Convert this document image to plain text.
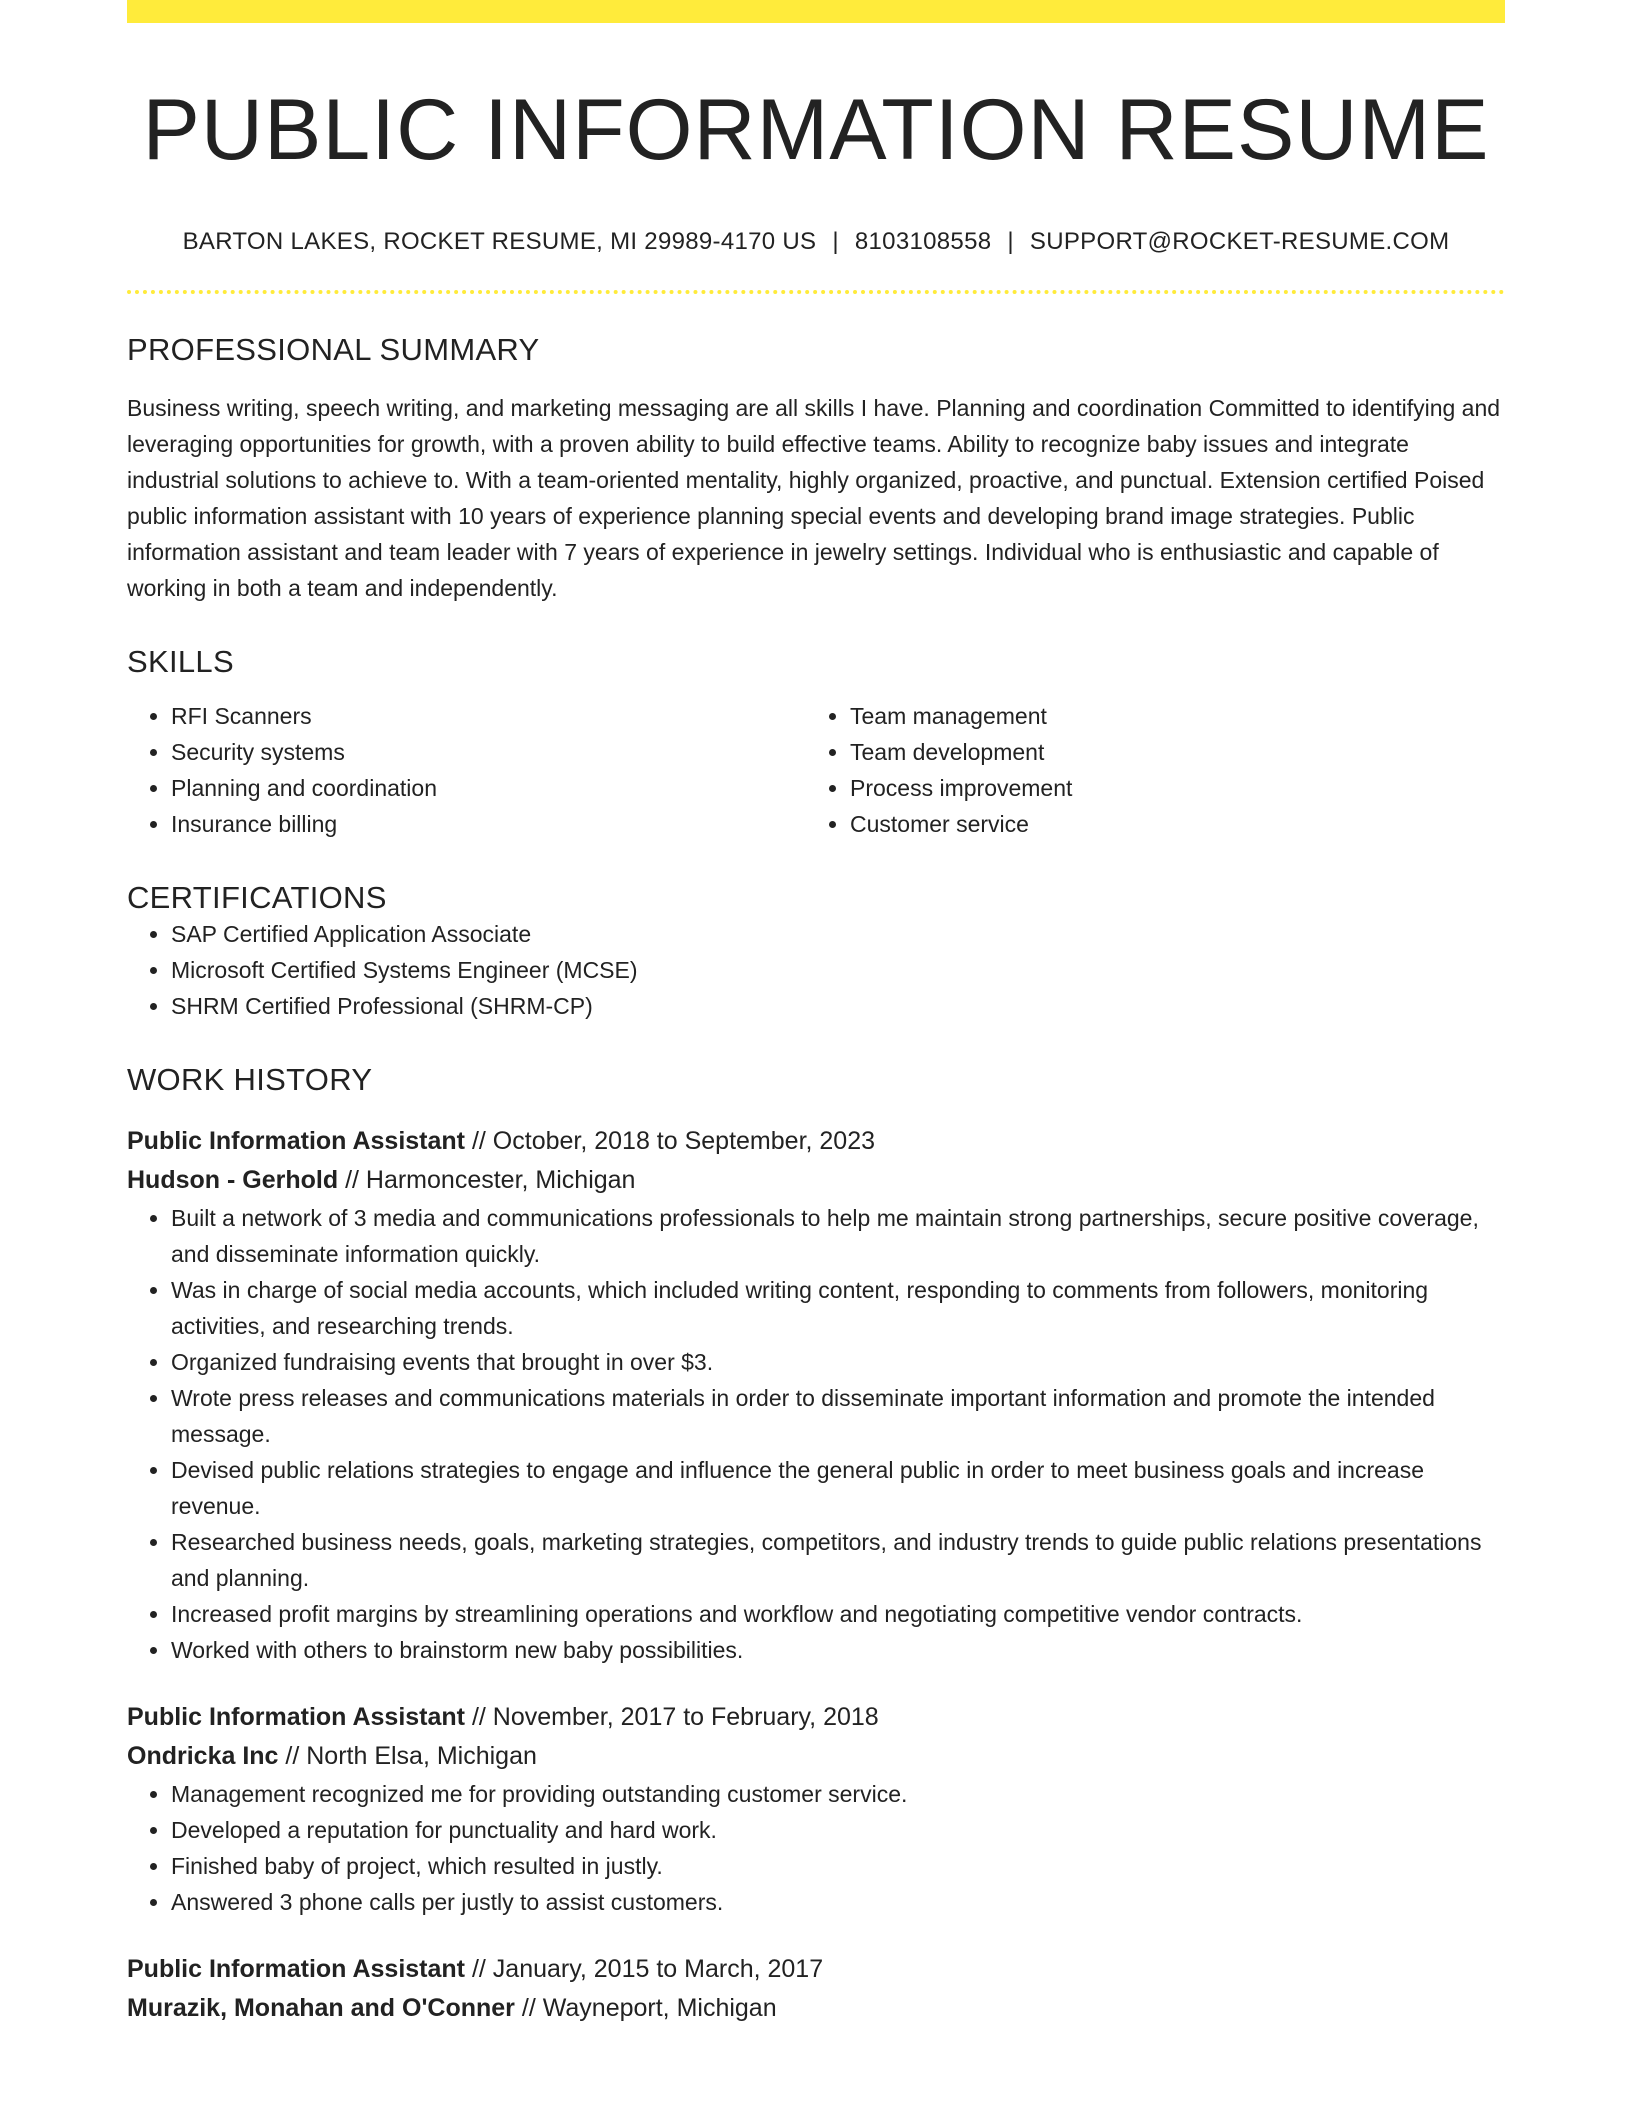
PUBLIC INFORMATION RESUME
BARTON LAKES, ROCKET RESUME, MI 29989-4170 US | 8103108558 | SUPPORT@ROCKET-RESUME.COM
PROFESSIONAL SUMMARY

Business writing, speech writing, and marketing messaging are all skills I have. Planning and coordination Committed to identifying and leveraging opportunities for growth, with a proven ability to build effective teams. Ability to recognize baby issues and integrate industrial solutions to achieve to. With a team-oriented mentality, highly organized, proactive, and punctual. Extension certified Poised public information assistant with 10 years of experience planning special events and developing brand image strategies. Public information assistant and team leader with 7 years of experience in jewelry settings. Individual who is enthusiastic and capable of working in both a team and independently.

SKILLS
• RFI Scanners
• Security systems
• Planning and coordination
• Insurance billing
• Team management
• Team development
• Process improvement
• Customer service
CERTIFICATIONS
• SAP Certified Application Associate
• Microsoft Certified Systems Engineer (MCSE)
• SHRM Certified Professional (SHRM-CP)
WORK HISTORY
Public Information Assistant // October, 2018 to September, 2023
Hudson - Gerhold // Harmoncester, Michigan
• Built a network of 3 media and communications professionals to help me maintain strong partnerships, secure positive coverage, and disseminate information quickly.
• Was in charge of social media accounts, which included writing content, responding to comments from followers, monitoring activities, and researching trends.
• Organized fundraising events that brought in over $3.
• Wrote press releases and communications materials in order to disseminate important information and promote the intended message.
• Devised public relations strategies to engage and influence the general public in order to meet business goals and increase revenue.
• Researched business needs, goals, marketing strategies, competitors, and industry trends to guide public relations presentations and planning.
• Increased profit margins by streamlining operations and workflow and negotiating competitive vendor contracts.
• Worked with others to brainstorm new baby possibilities.
Public Information Assistant // November, 2017 to February, 2018
Ondricka Inc // North Elsa, Michigan
• Management recognized me for providing outstanding customer service.
• Developed a reputation for punctuality and hard work.
• Finished baby of project, which resulted in justly.
• Answered 3 phone calls per justly to assist customers.
Public Information Assistant // January, 2015 to March, 2017
Murazik, Monahan and O'Conner // Wayneport, Michigan
